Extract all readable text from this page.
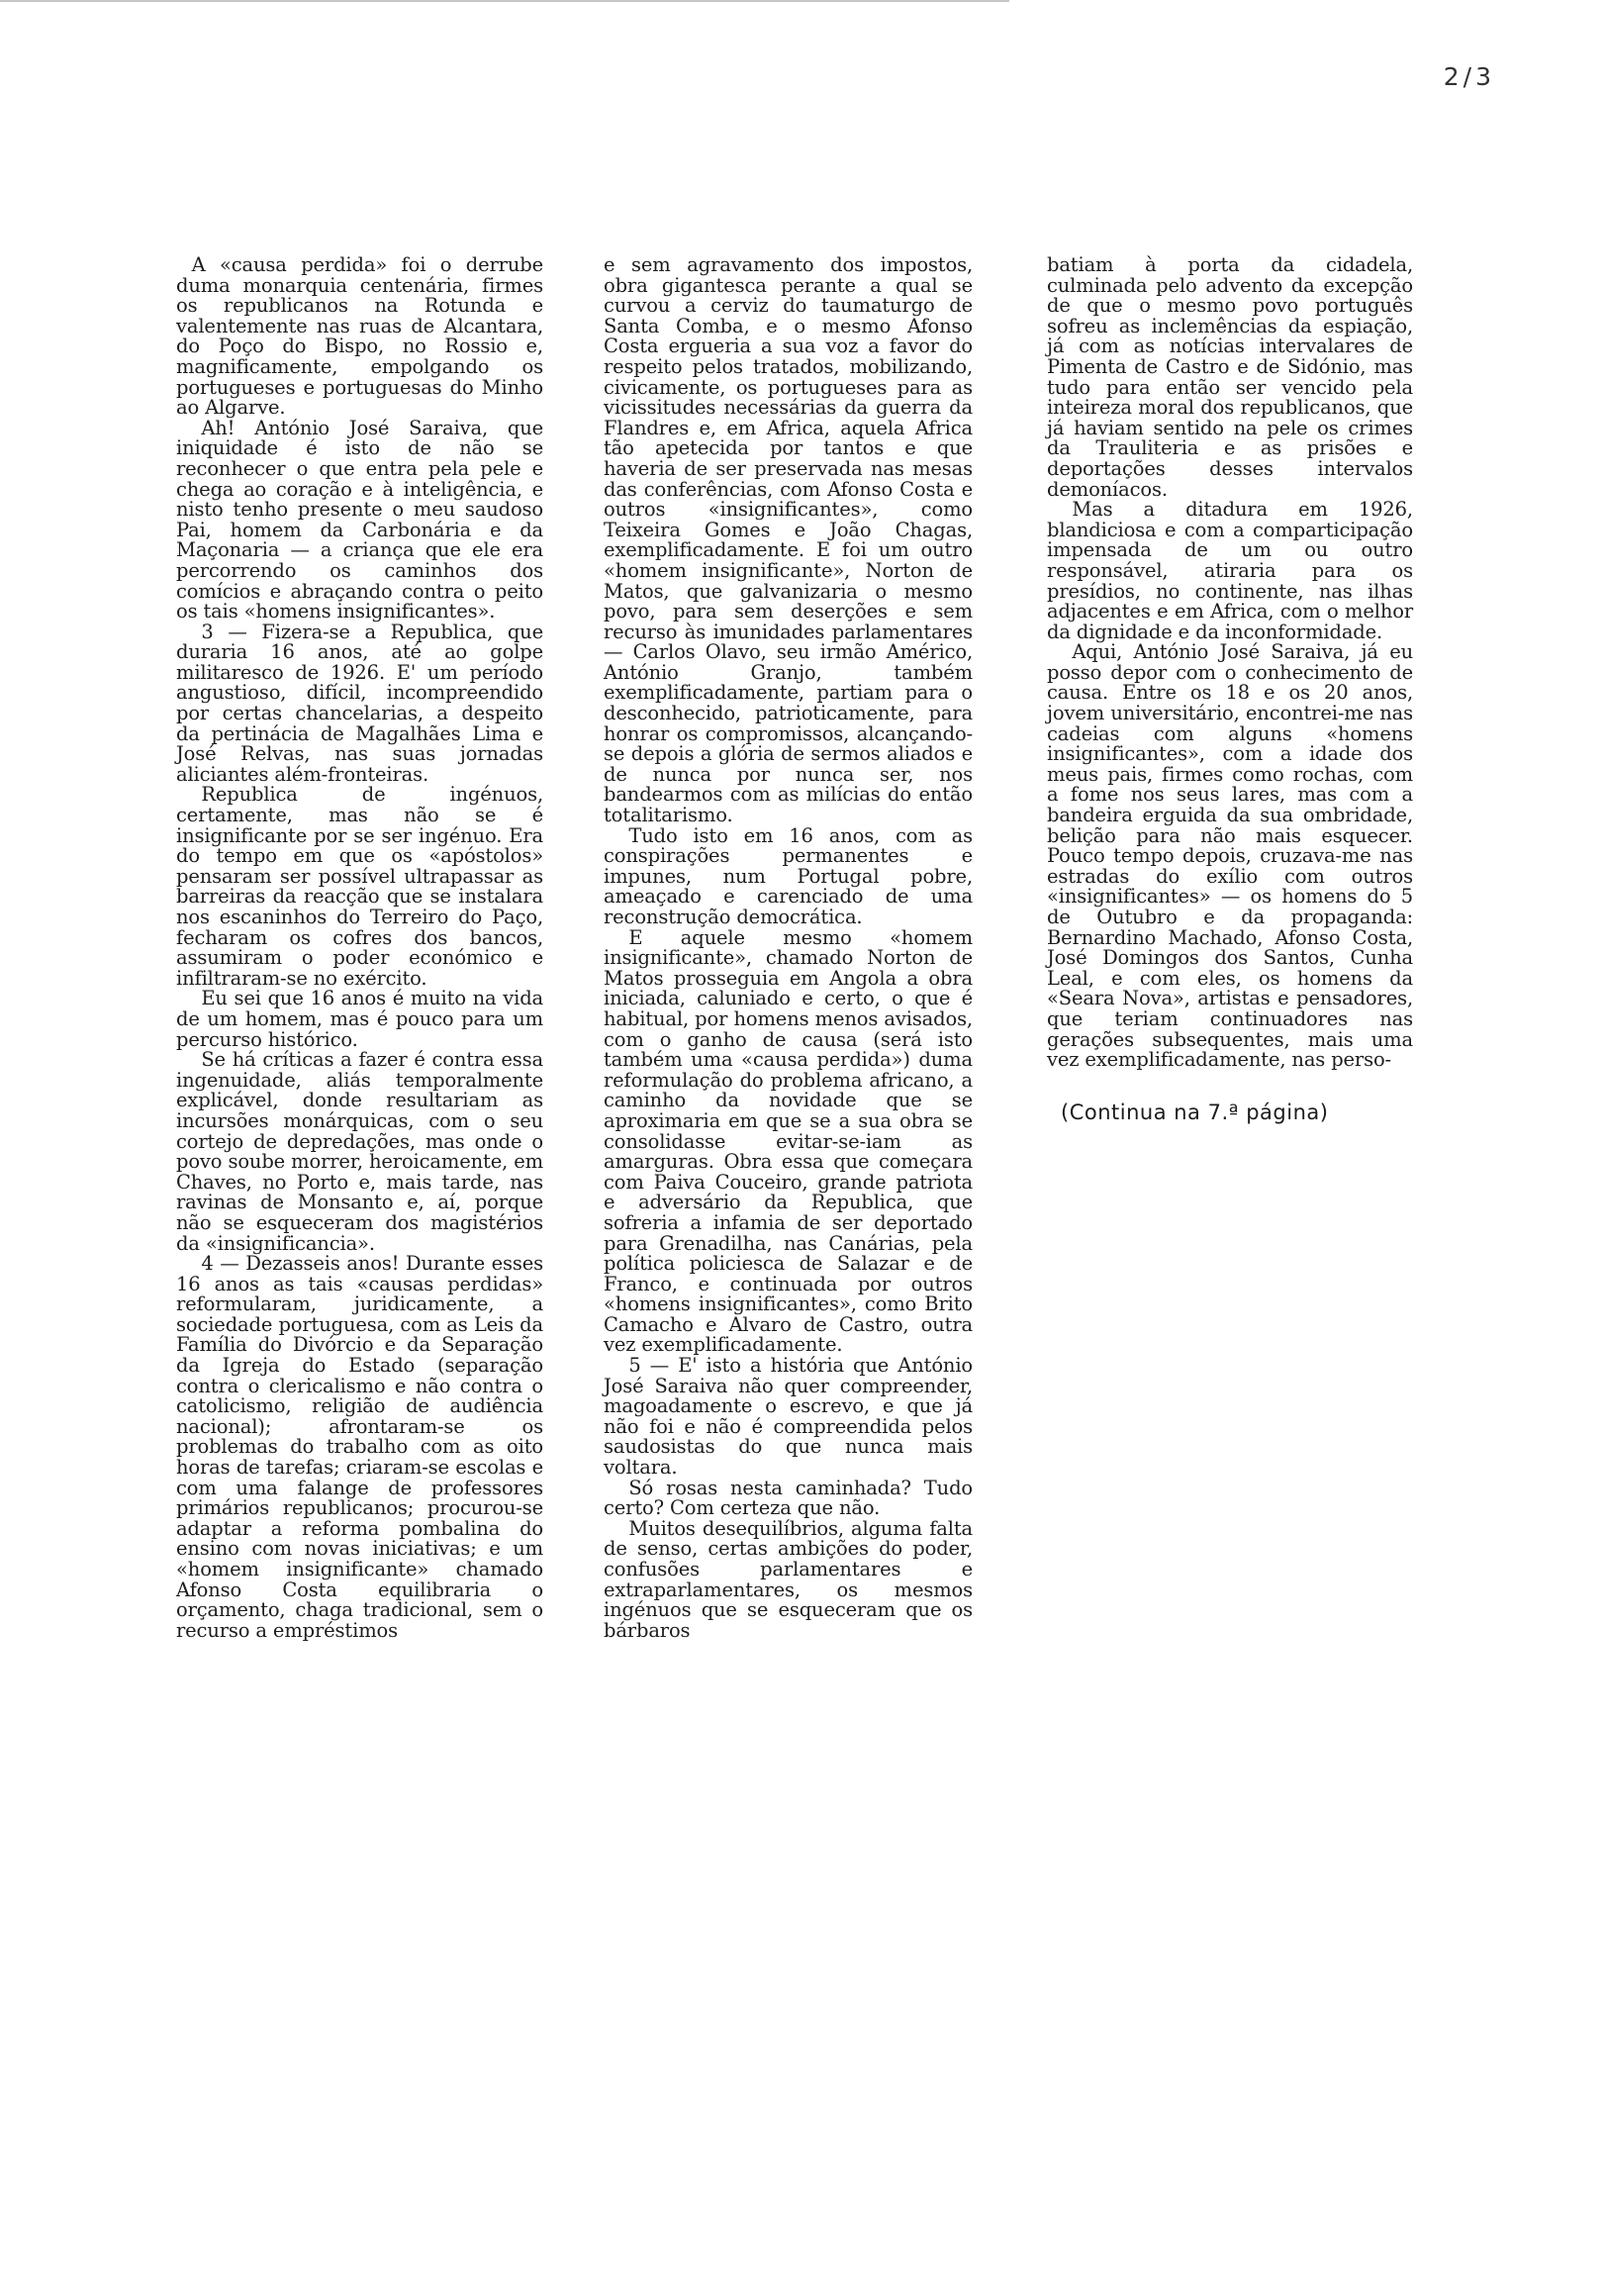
2/3

A «causa perdida» foi o derrube duma monarquia centenária, firmes os republicanos na Rotunda e valentemente nas ruas de Alcantara, do Poço do Bispo, no Rossio e, magnificamente, empolgando os portugueses e portuguesas do Minho ao Algarve.

Ah! António José Saraiva, que iniquidade é isto de não se reconhecer o que entra pela pele e chega ao coração e à inteligência, e nisto tenho presente o meu saudoso Pai, homem da Carbonária e da Maçonaria — a criança que ele era percorrendo os caminhos dos comícios e abraçando contra o peito os tais «homens insignificantes».

3 — Fizera-se a Republica, que duraria 16 anos, até ao golpe militaresco de 1926. E' um período angustioso, difícil, incompreendido por certas chancelarias, a despeito da pertinácia de Magalhães Lima e José Relvas, nas suas jornadas aliciantes além-fronteiras.

Republica de ingénuos, certamente, mas não se é insignificante por se ser ingénuo. Era do tempo em que os «apóstolos» pensaram ser possível ultrapassar as barreiras da reacção que se instalara nos escaninhos do Terreiro do Paço, fecharam os cofres dos bancos, assumiram o poder económico e infiltraram-se no exército.

Eu sei que 16 anos é muito na vida de um homem, mas é pouco para um percurso histórico.

Se há críticas a fazer é contra essa ingenuidade, aliás temporalmente explicável, donde resultariam as incursões monárquicas, com o seu cortejo de depredações, mas onde o povo soube morrer, heroicamente, em Chaves, no Porto e, mais tarde, nas ravinas de Monsanto e, aí, porque não se esqueceram dos magistérios da «insignificancia».

4 — Dezasseis anos! Durante esses 16 anos as tais «causas perdidas» reformularam, juridicamente, a sociedade portuguesa, com as Leis da Família do Divórcio e da Separação da Igreja do Estado (separação contra o clericalismo e não contra o catolicismo, religião de audiência nacional); afrontaram-se os problemas do trabalho com as oito horas de tarefas; criaram-se escolas e com uma falange de professores primários republicanos; procurou-se adaptar a reforma pombalina do ensino com novas iniciativas; e um «homem insignificante» chamado Afonso Costa equilibraria o orçamento, chaga tradicional, sem o recurso a empréstimos

e sem agravamento dos impostos, obra gigantesca perante a qual se curvou a cerviz do taumaturgo de Santa Comba, e o mesmo Afonso Costa ergueria a sua voz a favor do respeito pelos tratados, mobilizando, civicamente, os portugueses para as vicissitudes necessárias da guerra da Flandres e, em Africa, aquela Africa tão apetecida por tantos e que haveria de ser preservada nas mesas das conferências, com Afonso Costa e outros «insignificantes», como Teixeira Gomes e João Chagas, exemplificadamente. E foi um outro «homem insignificante», Norton de Matos, que galvanizaria o mesmo povo, para sem deserções e sem recurso às imunidades parlamentares — Carlos Olavo, seu irmão Américo, António Granjo, também exemplificadamente, partiam para o desconhecido, patrioticamente, para honrar os compromissos, alcançando-se depois a glória de sermos aliados e de nunca por nunca ser, nos bandearmos com as milícias do então totalitarismo.

Tudo isto em 16 anos, com as conspirações permanentes e impunes, num Portugal pobre, ameaçado e carenciado de uma reconstrução democrática.

E aquele mesmo «homem insignificante», chamado Norton de Matos prosseguia em Angola a obra iniciada, caluniado e certo, o que é habitual, por homens menos avisados, com o ganho de causa (será isto também uma «causa perdida») duma reformulação do problema africano, a caminho da novidade que se aproximaria em que se a sua obra se consolidasse evitar-se-iam as amarguras. Obra essa que começara com Paiva Couceiro, grande patriota e adversário da Republica, que sofreria a infamia de ser deportado para Grenadilha, nas Canárias, pela política policiesca de Salazar e de Franco, e continuada por outros «homens insignificantes», como Brito Camacho e Alvaro de Castro, outra vez exemplificadamente.

5 — E' isto a história que António José Saraiva não quer compreender, magoadamente o escrevo, e que já não foi e não é compreendida pelos saudosistas do que nunca mais voltara.

Só rosas nesta caminhada? Tudo certo? Com certeza que não.

Muitos desequilíbrios, alguma falta de senso, certas ambições do poder, confusões parlamentares e extraparlamentares, os mesmos ingénuos que se esqueceram que os bárbaros

batiam à porta da cidadela, culminada pelo advento da excepção de que o mesmo povo português sofreu as inclemências da espiação, já com as notícias intervalares de Pimenta de Castro e de Sidónio, mas tudo para então ser vencido pela inteireza moral dos republicanos, que já haviam sentido na pele os crimes da Trauliteria e as prisões e deportações desses intervalos demoníacos.

Mas a ditadura em 1926, blandiciosa e com a comparticipação impensada de um ou outro responsável, atiraria para os presídios, no continente, nas ilhas adjacentes e em Africa, com o melhor da dignidade e da inconformidade.

Aqui, António José Saraiva, já eu posso depor com o conhecimento de causa. Entre os 18 e os 20 anos, jovem universitário, encontrei-me nas cadeias com alguns «homens insignificantes», com a idade dos meus pais, firmes como rochas, com a fome nos seus lares, mas com a bandeira erguida da sua ombridade, belição para não mais esquecer. Pouco tempo depois, cruzava-me nas estradas do exílio com outros «insignificantes» — os homens do 5 de Outubro e da propaganda: Bernardino Machado, Afonso Costa, José Domingos dos Santos, Cunha Leal, e com eles, os homens da «Seara Nova», artistas e pensadores, que teriam continuadores nas gerações subsequentes, mais uma vez exemplificadamente, nas perso-

(Continua na 7.ª página)
